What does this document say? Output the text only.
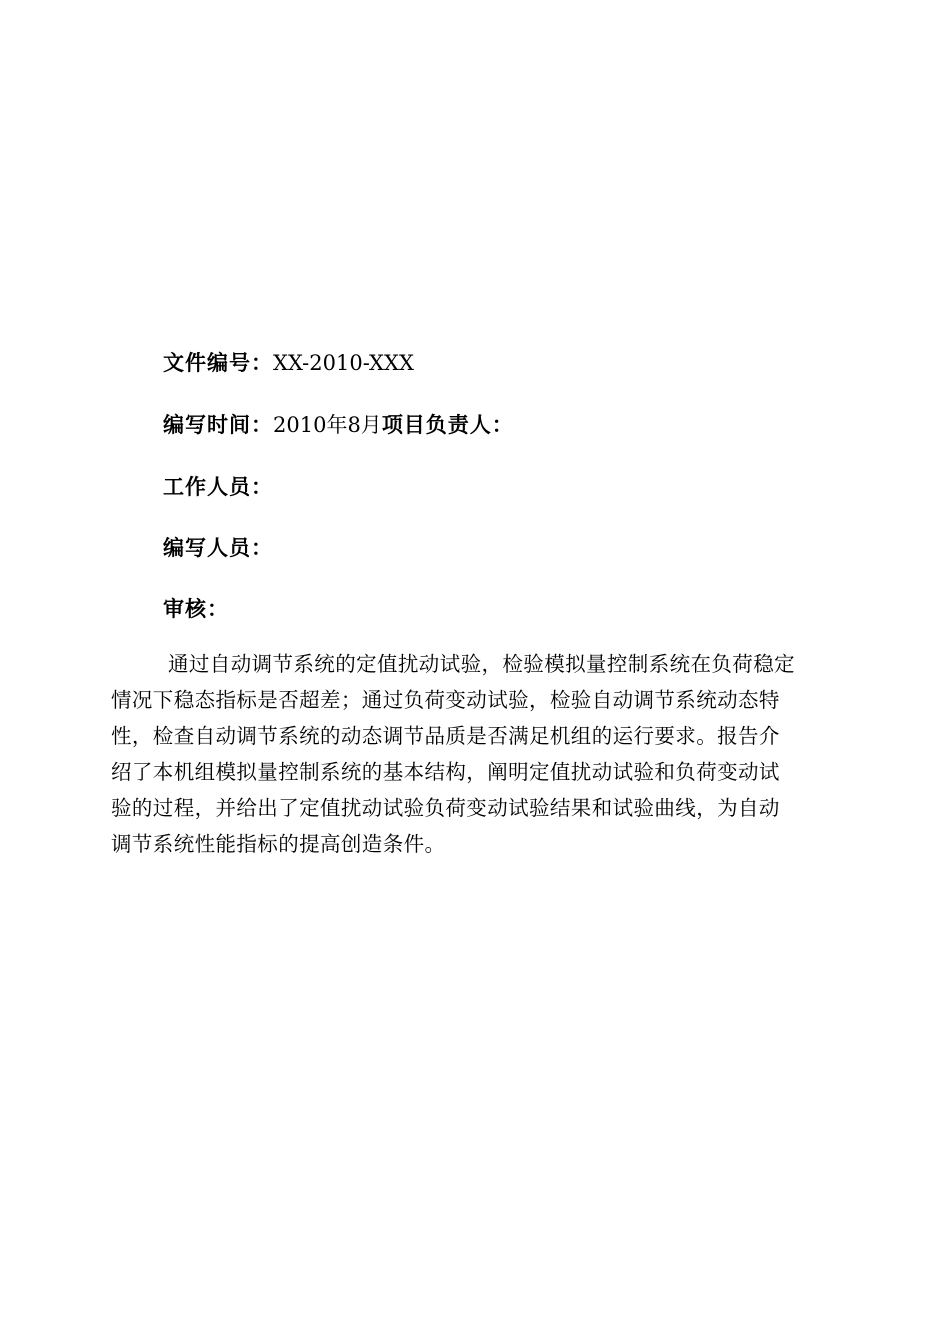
文件编号：XX-2010-XXX
编写时间：2010年8月项目负责人：
工作人员：
编写人员：
审核：
通过自动调节系统的定值扰动试验，检验模拟量控制系统在负荷稳定
情况下稳态指标是否超差；通过负荷变动试验，检验自动调节系统动态特
性，检查自动调节系统的动态调节品质是否满足机组的运行要求。报告介
绍了本机组模拟量控制系统的基本结构，阐明定值扰动试验和负荷变动试
验的过程，并给出了定值扰动试验负荷变动试验结果和试验曲线，为自动
调节系统性能指标的提高创造条件。
